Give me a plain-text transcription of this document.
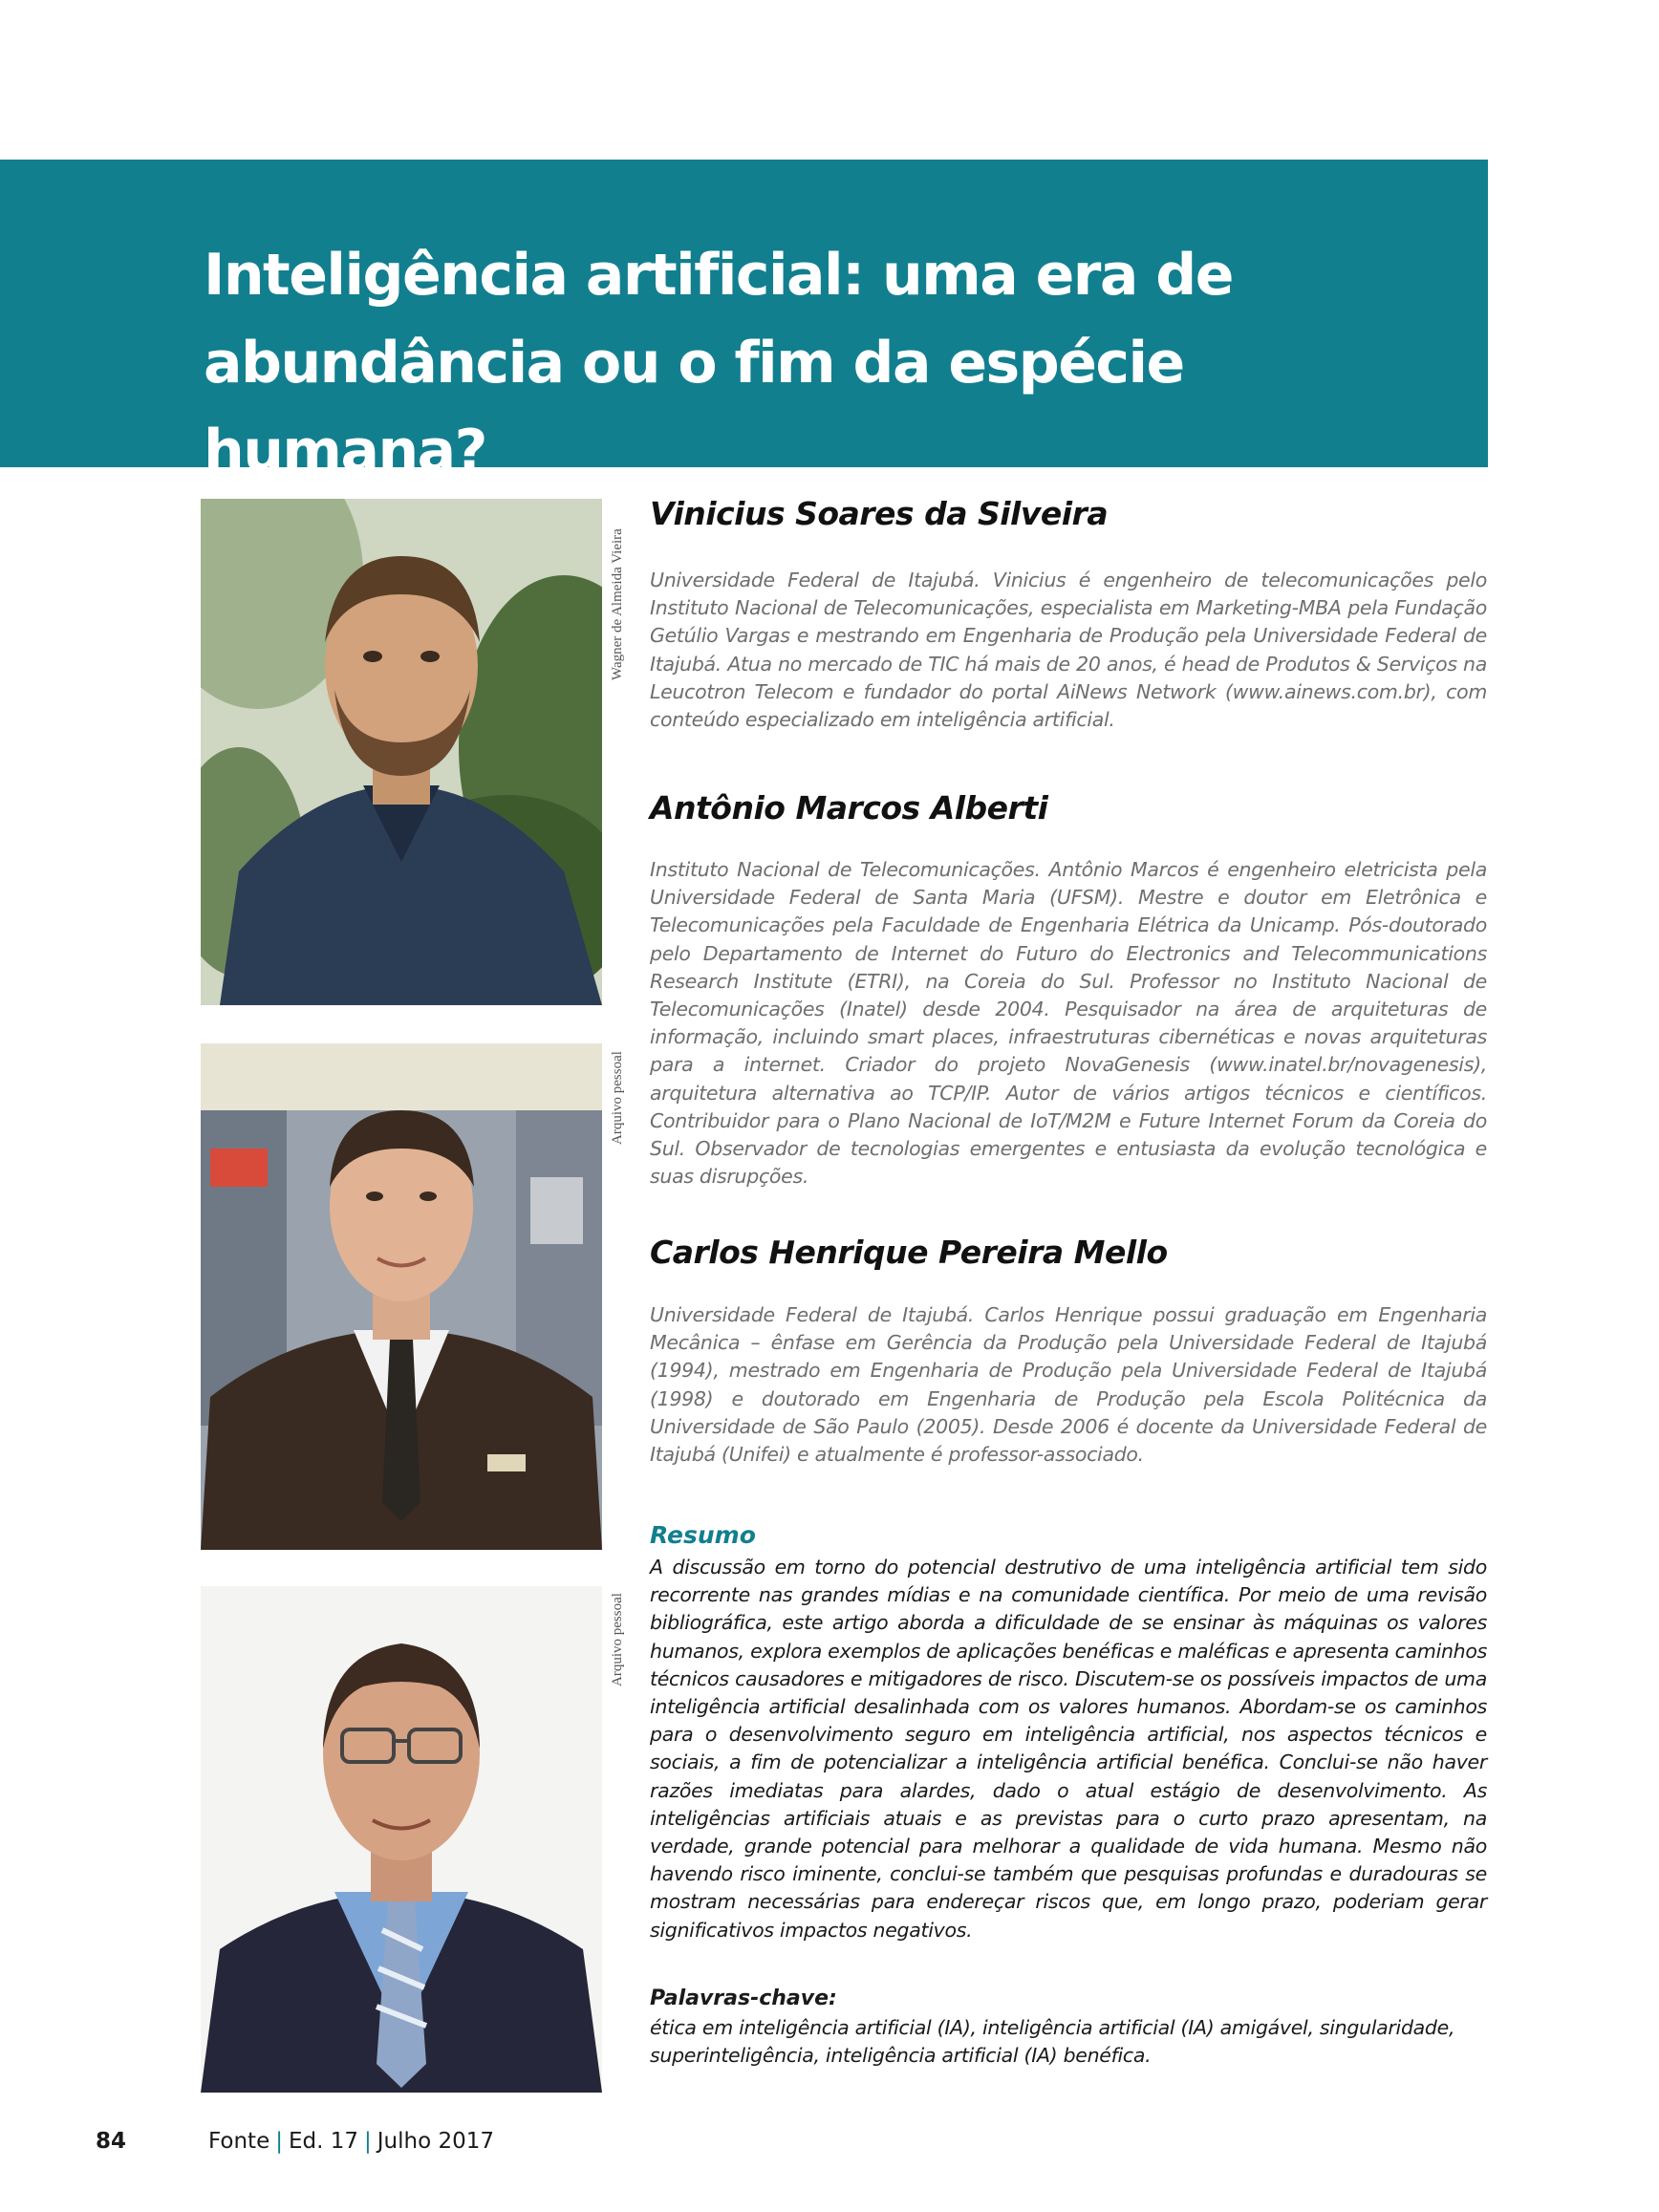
Inteligência artificial: uma era de abundância ou o fim da espécie humana?
Wagner de Almeida Vieira
Arquivo pessoal
Arquivo pessoal
Vinicius Soares da Silveira

Universidade Federal de Itajubá. Vinicius é engenheiro de telecomunicações pelo Instituto Nacional de Telecomunicações, especialista em Marketing-MBA pela Fundação Getúlio Vargas e mestrando em Engenharia de Produção pela Universidade Federal de Itajubá. Atua no mercado de TIC há mais de 20 anos, é head de Produtos & Serviços na Leucotron Telecom e fundador do portal AiNews Network (www.ainews.com.br), com conteúdo especializado em inteligência artificial.

Antônio Marcos Alberti

Instituto Nacional de Telecomunicações. Antônio Marcos é engenheiro eletricista pela Universidade Federal de Santa Maria (UFSM). Mestre e doutor em Eletrônica e Telecomunicações pela Faculdade de Engenharia Elétrica da Unicamp. Pós-doutorado pelo Departamento de Internet do Futuro do Electronics and Telecommunications Research Institute (ETRI), na Coreia do Sul. Professor no Instituto Nacional de Telecomunicações (Inatel) desde 2004. Pesquisador na área de arquiteturas de informação, incluindo smart places, infraestruturas cibernéticas e novas arquiteturas para a internet. Criador do projeto NovaGenesis (www.inatel.br/novagenesis), arquitetura alternativa ao TCP/IP. Autor de vários artigos técnicos e científicos. Contribuidor para o Plano Nacional de IoT/M2M e Future Internet Forum da Coreia do Sul. Observador de tecnologias emergentes e entusiasta da evolução tecnológica e suas disrupções.

Carlos Henrique Pereira Mello

Universidade Federal de Itajubá. Carlos Henrique possui graduação em Engenharia Mecânica – ênfase em Gerência da Produção pela Universidade Federal de Itajubá (1994), mestrado em Engenharia de Produção pela Universidade Federal de Itajubá (1998) e doutorado em Engenharia de Produção pela Escola Politécnica da Universidade de São Paulo (2005). Desde 2006 é docente da Universidade Federal de Itajubá (Unifei) e atualmente é professor-associado.

Resumo

A discussão em torno do potencial destrutivo de uma inteligência artificial tem sido recorrente nas grandes mídias e na comunidade científica. Por meio de uma revisão bibliográfica, este artigo aborda a dificuldade de se ensinar às máquinas os valores humanos, explora exemplos de aplicações benéficas e maléficas e apresenta caminhos técnicos causadores e mitigadores de risco. Discutem-se os possíveis impactos de uma inteligência artificial desalinhada com os valores humanos. Abordam-se os caminhos para o desenvolvimento seguro em inteligência artificial, nos aspectos técnicos e sociais, a fim de potencializar a inteligência artificial benéfica. Conclui-se não haver razões imediatas para alardes, dado o atual estágio de desenvolvimento. As inteligências artificiais atuais e as previstas para o curto prazo apresentam, na verdade, grande potencial para melhorar a qualidade de vida humana. Mesmo não havendo risco iminente, conclui-se também que pesquisas profundas e duradouras se mostram necessárias para endereçar riscos que, em longo prazo, poderiam gerar significativos impactos negativos.

Palavras-chave:

ética em inteligência artificial (IA), inteligência artificial (IA) amigável, singularidade, superinteligência, inteligência artificial (IA) benéfica.

84	Fonte | Ed. 17 | Julho 2017
